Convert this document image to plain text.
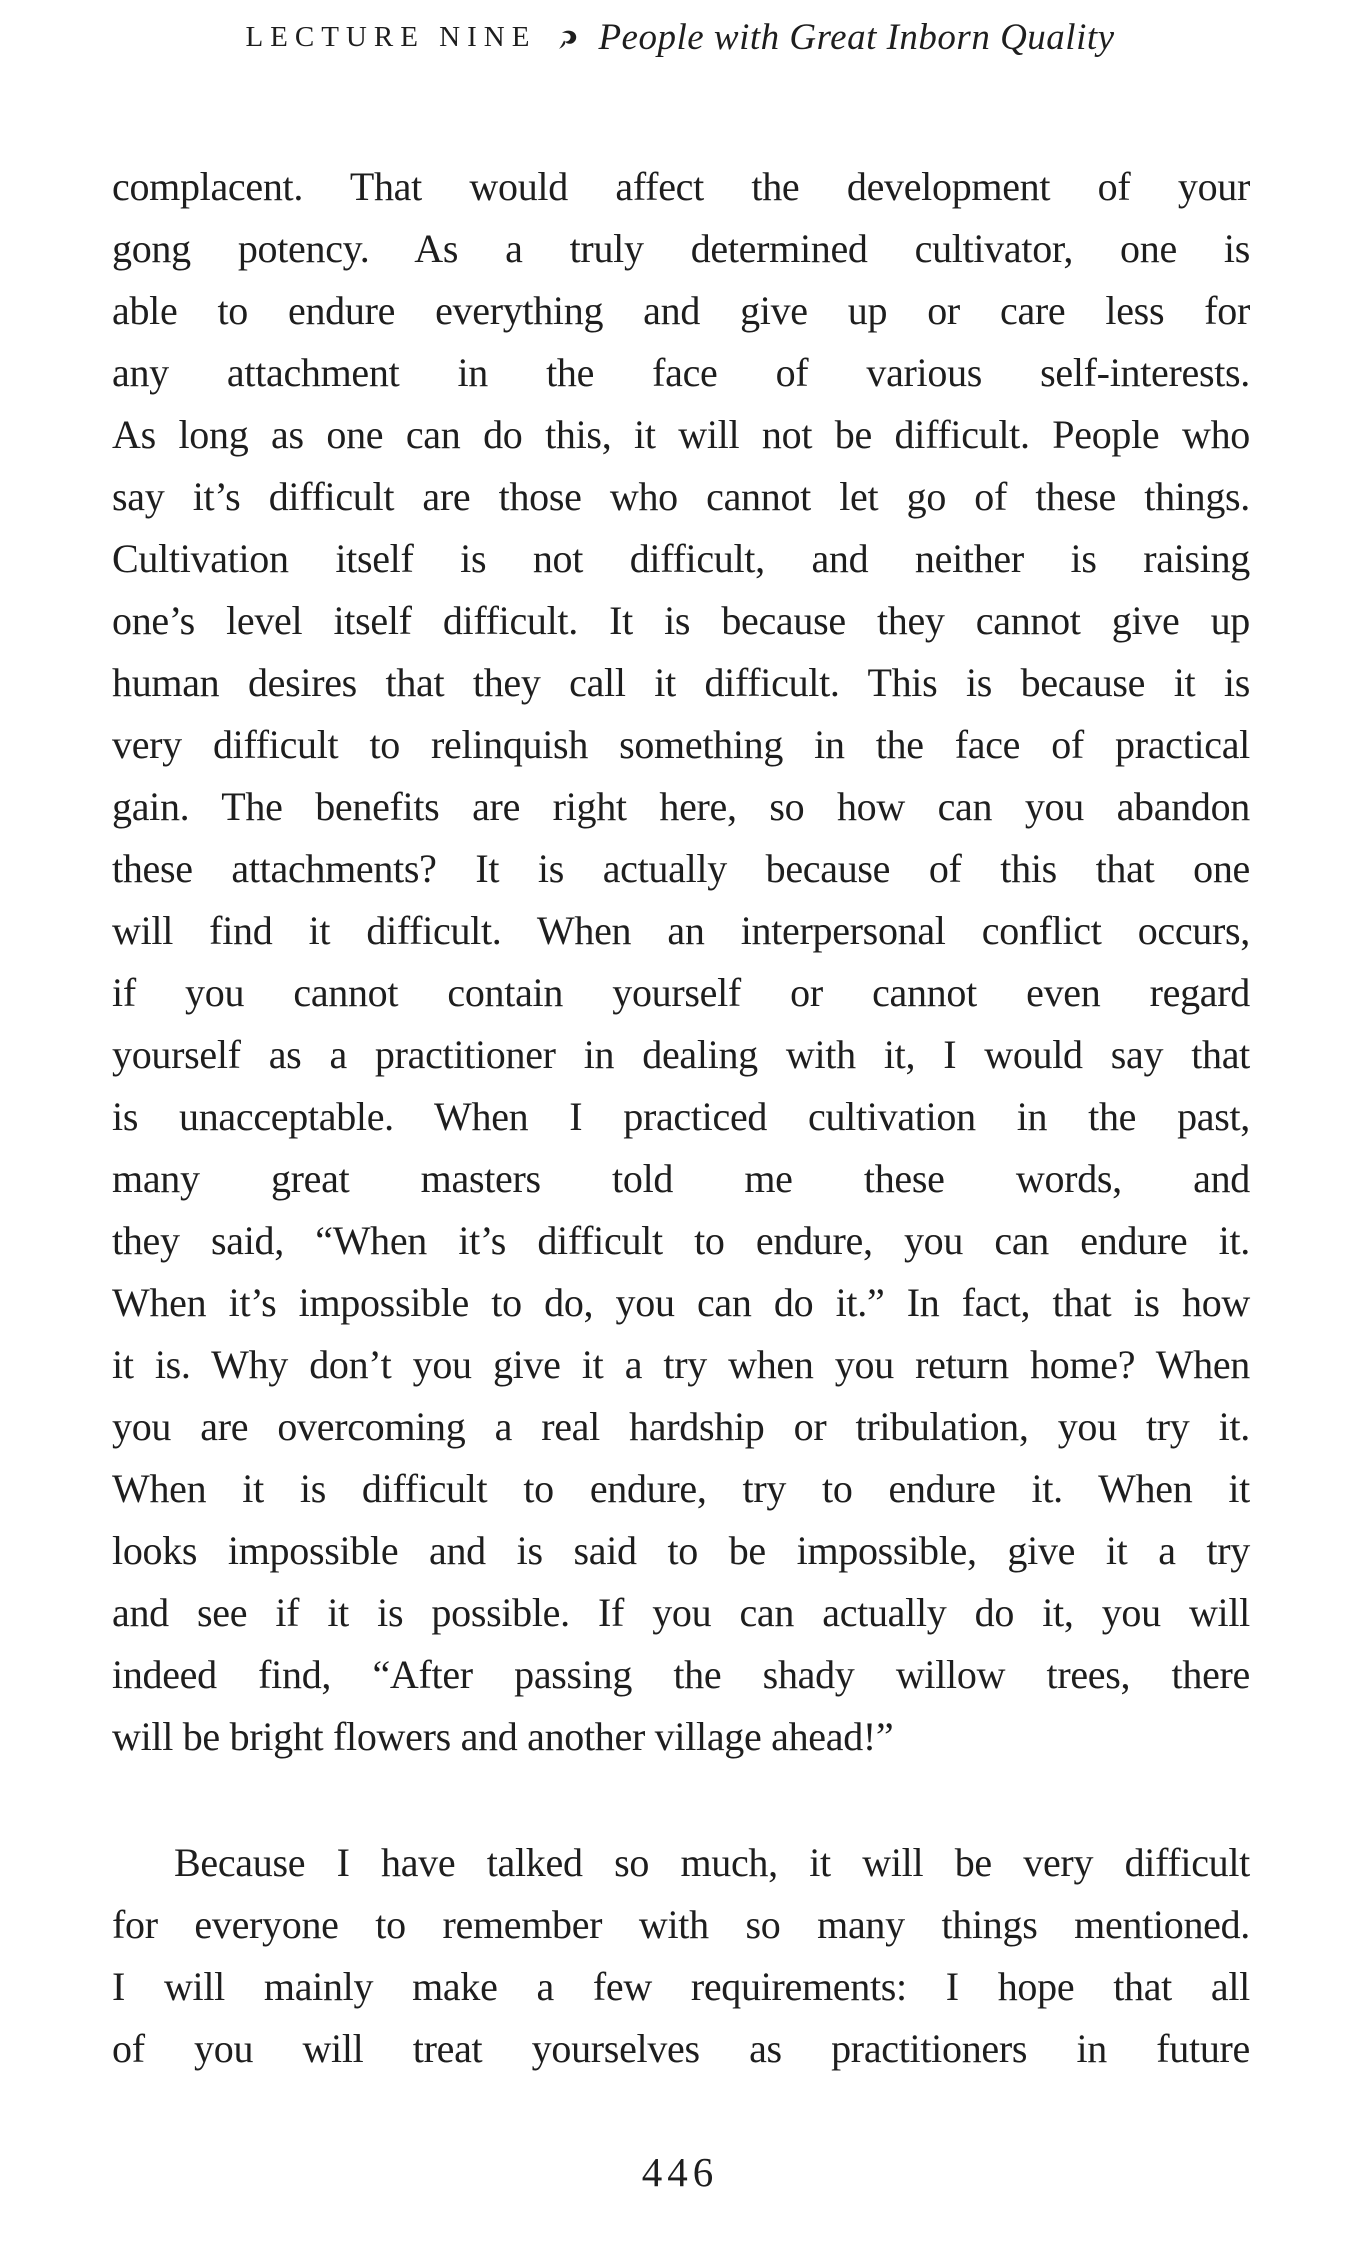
LECTURE NINE People with Great Inborn Quality
complacent. That would affect the development of your
gong potency. As a truly determined cultivator, one is
able to endure everything and give up or care less for
any attachment in the face of various self-interests.
As long as one can do this, it will not be difficult. People who
say it’s difficult are those who cannot let go of these things.
Cultivation itself is not difficult, and neither is raising
one’s level itself difficult. It is because they cannot give up
human desires that they call it difficult. This is because it is
very difficult to relinquish something in the face of practical
gain. The benefits are right here, so how can you abandon
these attachments? It is actually because of this that one
will find it difficult. When an interpersonal conflict occurs,
if you cannot contain yourself or cannot even regard
yourself as a practitioner in dealing with it, I would say that
is unacceptable. When I practiced cultivation in the past,
many great masters told me these words, and
they said, “When it’s difficult to endure, you can endure it.
When it’s impossible to do, you can do it.” In fact, that is how
it is. Why don’t you give it a try when you return home? When
you are overcoming a real hardship or tribulation, you try it.
When it is difficult to endure, try to endure it. When it
looks impossible and is said to be impossible, give it a try
and see if it is possible. If you can actually do it, you will
indeed find, “After passing the shady willow trees, there
will be bright flowers and another village ahead!”
Because I have talked so much, it will be very difficult
for everyone to remember with so many things mentioned.
I will mainly make a few requirements: I hope that all
of you will treat yourselves as practitioners in future
446
